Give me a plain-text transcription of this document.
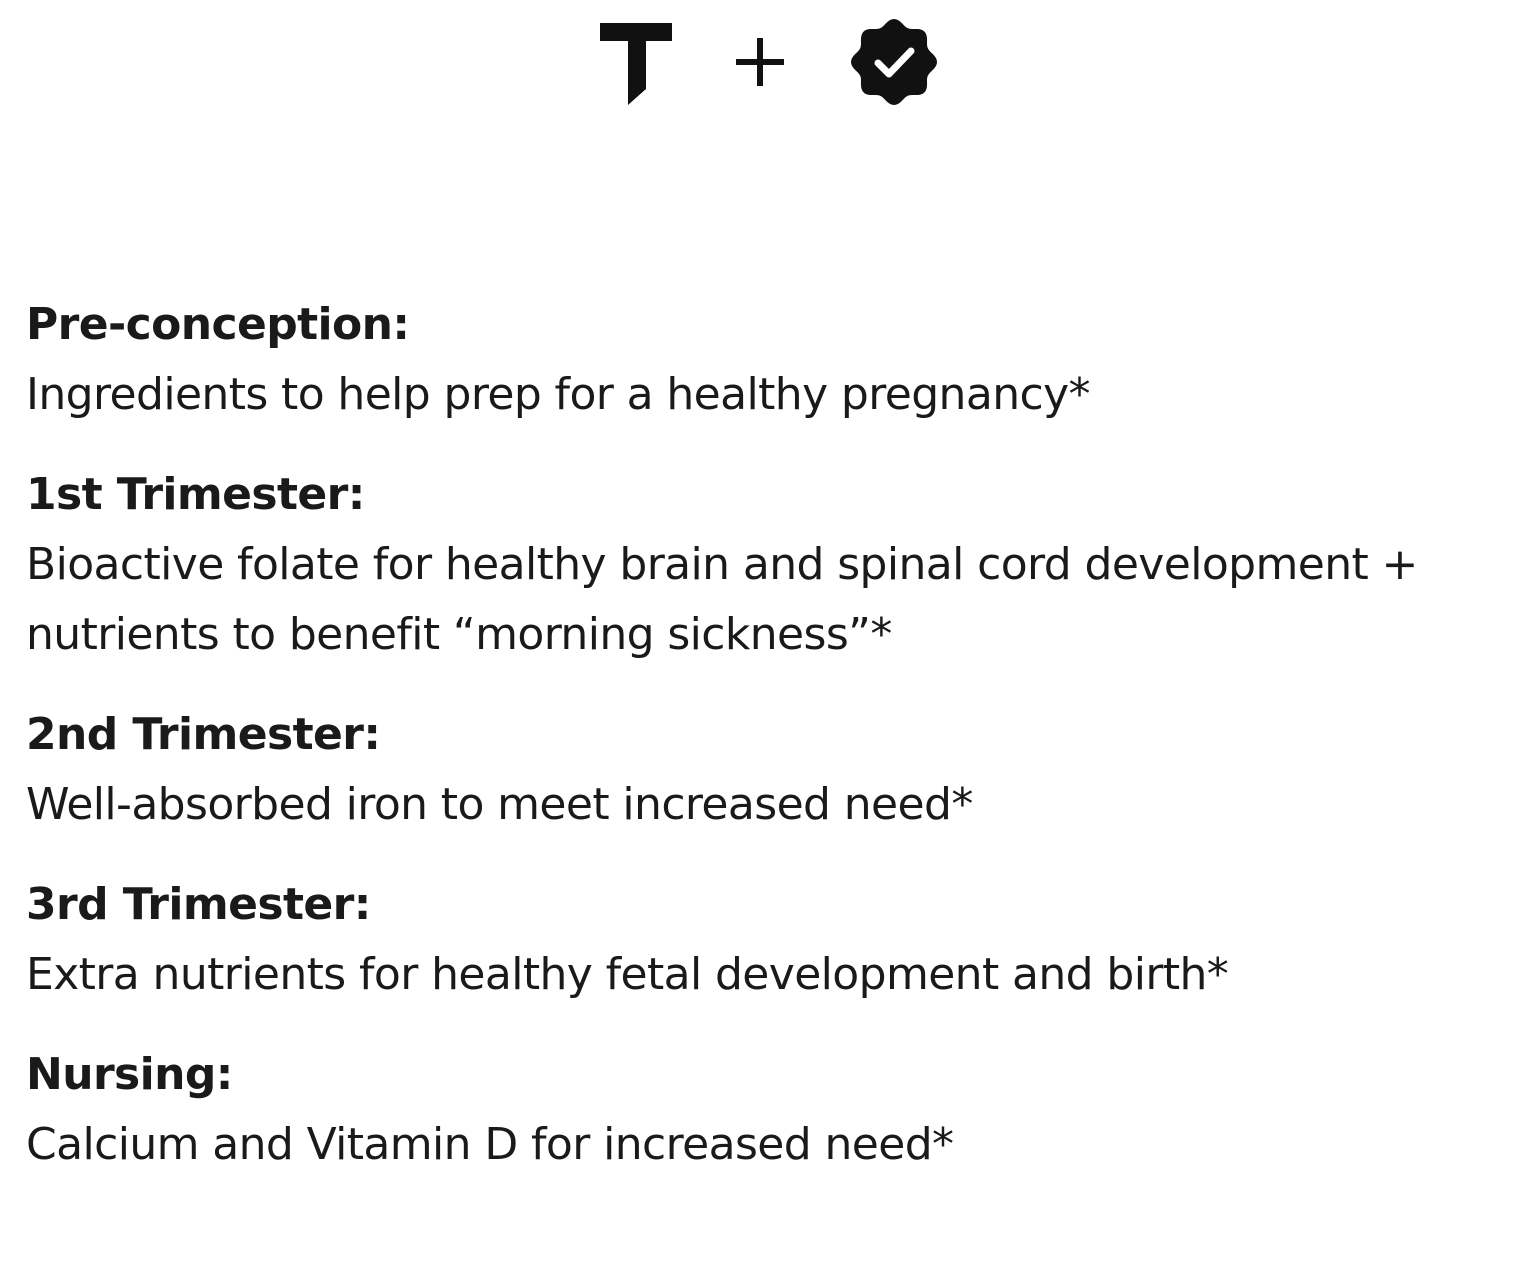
Pre-conception:
Ingredients to help prep for a healthy pregnancy*
1st Trimester:
Bioactive folate for healthy brain and spinal cord development + nutrients to benefit “morning sickness”*
2nd Trimester:
Well-absorbed iron to meet increased need*
3rd Trimester:
Extra nutrients for healthy fetal development and birth*
Nursing:
Calcium and Vitamin D for increased need*
